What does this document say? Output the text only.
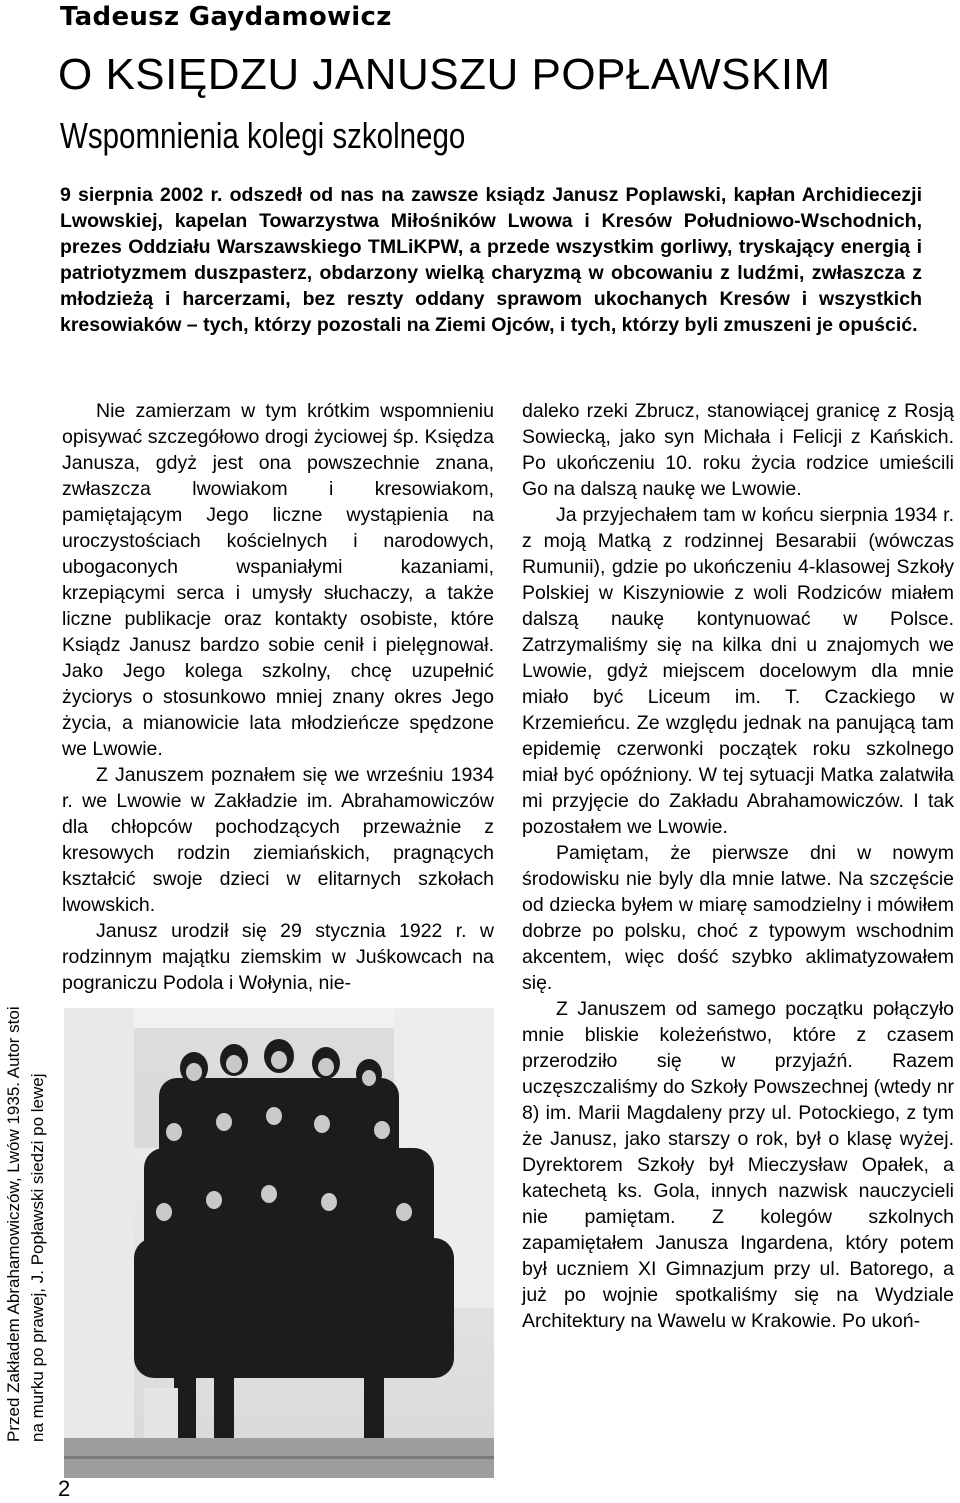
Tadeusz Gaydamowicz
O KSIĘDZU JANUSZU POPŁAWSKIM
Wspomnienia kolegi szkolnego

9 sierpnia 2002 r. odszedł od nas na zawsze ksiądz Janusz Poplawski, kapłan Archidiecezji Lwowskiej, kapelan Towarzystwa Miłośników Lwowa i Kresów Południowo-Wschodnich, prezes Oddziału Warszawskiego TMLiKPW, a przede wszystkim gorliwy, tryskający energią i patriotyzmem duszpasterz, obdarzony wielką charyzmą w obcowaniu z ludźmi, zwłaszcza z młodzieżą i harcerzami, bez reszty oddany sprawom ukochanych Kresów i wszystkich kresowiaków – tych, którzy pozostali na Ziemi Ojców, i tych, którzy byli zmuszeni je opuścić.

Nie zamierzam w tym krótkim wspomnieniu opisywać szczegółowo drogi życiowej śp. Księdza Janusza, gdyż jest ona powszechnie znana, zwłaszcza lwowiakom i kresowiakom, pamiętającym Jego liczne wystąpienia na uroczystościach kościelnych i narodowych, ubogaconych wspaniałymi kazaniami, krzepiącymi serca i umysły słuchaczy, a także liczne publikacje oraz kontakty osobiste, które Ksiądz Janusz bardzo sobie cenił i pielęgnował. Jako Jego kolega szkolny, chcę uzupełnić życiorys o stosunkowo mniej znany okres Jego życia, a mianowicie lata młodzieńcze spędzone we Lwowie.

Z Januszem poznałem się we wrześniu 1934 r. we Lwowie w Zakładzie im. Abrahamowiczów dla chłopców pochodzących przeważnie z kresowych rodzin ziemiańskich, pragnących kształcić swoje dzieci w elitarnych szkołach lwowskich.

Janusz urodził się 29 stycznia 1922 r. w rodzinnym majątku ziemskim w Juśkowcach na pograniczu Podola i Wołynia, nie-

daleko rzeki Zbrucz, stanowiącej granicę z Rosją Sowiecką, jako syn Michała i Felicji z Kańskich. Po ukończeniu 10. roku życia rodzice umieścili Go na dalszą naukę we Lwowie.

Ja przyjechałem tam w końcu sierpnia 1934 r. z moją Matką z rodzinnej Besarabii (wówczas Rumunii), gdzie po ukończeniu 4-klasowej Szkoły Polskiej w Kiszyniowie z woli Rodziców miałem dalszą naukę kontynuować w Polsce. Zatrzymaliśmy się na kilka dni u znajomych we Lwowie, gdyż miejscem docelowym dla mnie miało być Liceum im. T. Czackiego w Krzemieńcu. Ze względu jednak na panującą tam epidemię czerwonki początek roku szkolnego miał być opóźniony. W tej sytuacji Matka zalatwiła mi przyjęcie do Zakładu Abrahamowiczów. I tak pozostałem we Lwowie.

Pamiętam, że pierwsze dni w nowym środowisku nie byly dla mnie latwe. Na szczęście od dziecka byłem w miarę samodzielny i mówiłem dobrze po polsku, choć z typowym wschodnim akcentem, więc dość szybko aklimatyzowałem się.

Z Januszem od samego początku połączyło mnie bliskie koleżeństwo, które z czasem przerodziło się w przyjaźń. Razem uczęszczaliśmy do Szkoły Powszechnej (wtedy nr 8) im. Marii Magdaleny przy ul. Potockiego, z tym że Janusz, jako starszy o rok, był o klasę wyżej. Dyrektorem Szkoły był Mieczysław Opałek, a katechetą ks. Gola, innych nazwisk nauczycieli nie pamiętam. Z kolegów szkolnych zapamiętałem Janusza Ingardena, który potem był uczniem XI Gimnazjum przy ul. Batorego, a już po wojnie spotkaliśmy się na Wydziale Architektury na Wawelu w Krakowie. Po ukoń-

Przed Zakładem Abrahamowiczów, Lwów 1935. Autor stoi na murku po prawej, J. Popławski siedzi po lewej
2
